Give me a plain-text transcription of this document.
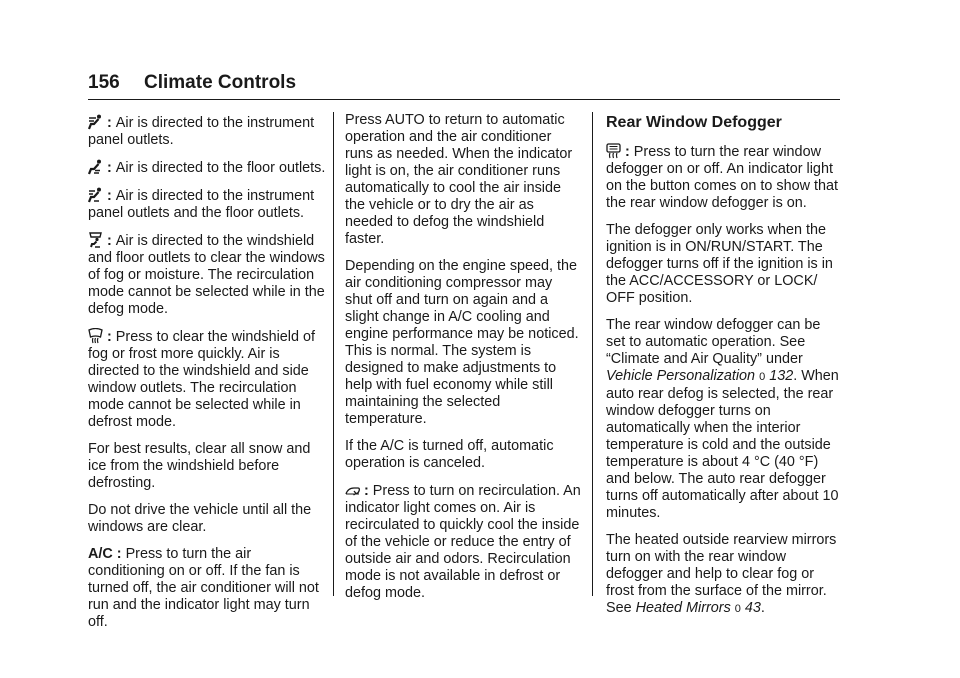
156 Climate Controls

: Air is directed to the instrument panel outlets.

: Air is directed to the floor outlets.

: Air is directed to the instrument panel outlets and the floor outlets.

: Air is directed to the windshield and floor outlets to clear the windows of fog or moisture. The recirculation mode cannot be selected while in the defog mode.

: Press to clear the windshield of fog or frost more quickly. Air is directed to the windshield and side window outlets. The recirculation mode cannot be selected while in defrost mode.

For best results, clear all snow and ice from the windshield before defrosting.

Do not drive the vehicle until all the windows are clear.

A/C : Press to turn the air conditioning on or off. If the fan is turned off, the air conditioner will not run and the indicator light may turn off.

Press AUTO to return to automatic operation and the air conditioner runs as needed. When the indicator light is on, the air conditioner runs automatically to cool the air inside the vehicle or to dry the air as needed to defog the windshield faster.

Depending on the engine speed, the air conditioning compressor may shut off and turn on again and a slight change in A/C cooling and engine performance may be noticed. This is normal. The system is designed to make adjustments to help with fuel economy while still maintaining the selected temperature.

If the A/C is turned off, automatic operation is canceled.

: Press to turn on recirculation. An indicator light comes on. Air is recirculated to quickly cool the inside of the vehicle or reduce the entry of outside air and odors. Recirculation mode is not available in defrost or defog mode.

Rear Window Defogger

: Press to turn the rear window defogger on or off. An indicator light on the button comes on to show that the rear window defogger is on.

The defogger only works when the ignition is in ON/RUN/START. The defogger turns off if the ignition is in the ACC/ACCESSORY or LOCK/ OFF position.

The rear window defogger can be set to automatic operation. See “Climate and Air Quality” under Vehicle Personalization 0 132. When auto rear defog is selected, the rear window defogger turns on automatically when the interior temperature is cold and the outside temperature is about 4 °C (40 °F) and below. The auto rear defogger turns off automatically after about 10 minutes.

The heated outside rearview mirrors turn on with the rear window defogger and help to clear fog or frost from the surface of the mirror. See Heated Mirrors 0 43.
